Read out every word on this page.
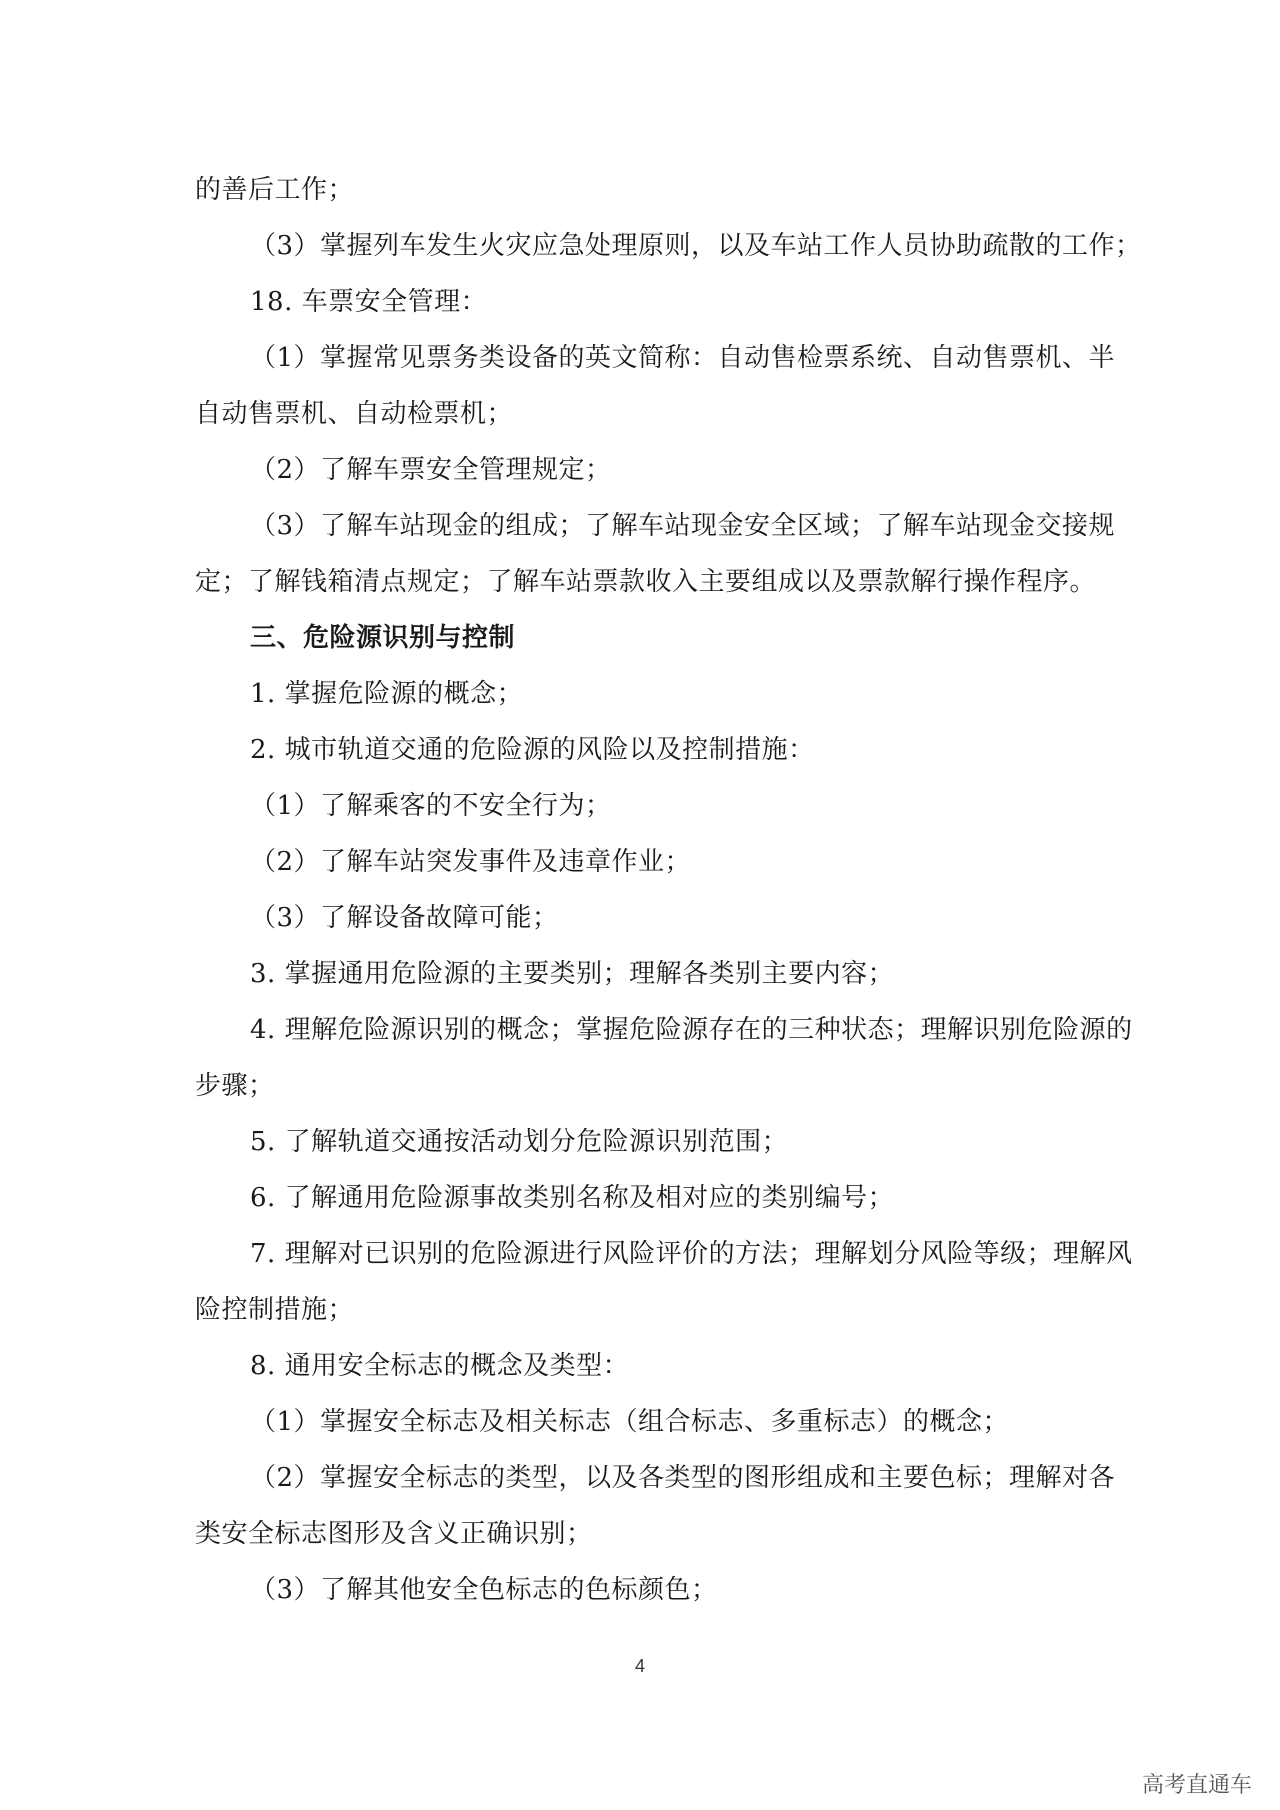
的善后工作；
（3）掌握列车发生火灾应急处理原则，以及车站工作人员协助疏散的工作；
18. 车票安全管理：
（1）掌握常见票务类设备的英文简称：自动售检票系统、自动售票机、半
自动售票机、自动检票机；
（2）了解车票安全管理规定；
（3）了解车站现金的组成；了解车站现金安全区域；了解车站现金交接规
定；了解钱箱清点规定；了解车站票款收入主要组成以及票款解行操作程序。
三、危险源识别与控制
1. 掌握危险源的概念；
2. 城市轨道交通的危险源的风险以及控制措施：
（1）了解乘客的不安全行为；
（2）了解车站突发事件及违章作业；
（3）了解设备故障可能；
3. 掌握通用危险源的主要类别；理解各类别主要内容；
4. 理解危险源识别的概念；掌握危险源存在的三种状态；理解识别危险源的
步骤；
5. 了解轨道交通按活动划分危险源识别范围；
6. 了解通用危险源事故类别名称及相对应的类别编号；
7. 理解对已识别的危险源进行风险评价的方法；理解划分风险等级；理解风
险控制措施；
8. 通用安全标志的概念及类型：
（1）掌握安全标志及相关标志（组合标志、多重标志）的概念；
（2）掌握安全标志的类型，以及各类型的图形组成和主要色标；理解对各
类安全标志图形及含义正确识别；
（3）了解其他安全色标志的色标颜色；
4
高考直通车
